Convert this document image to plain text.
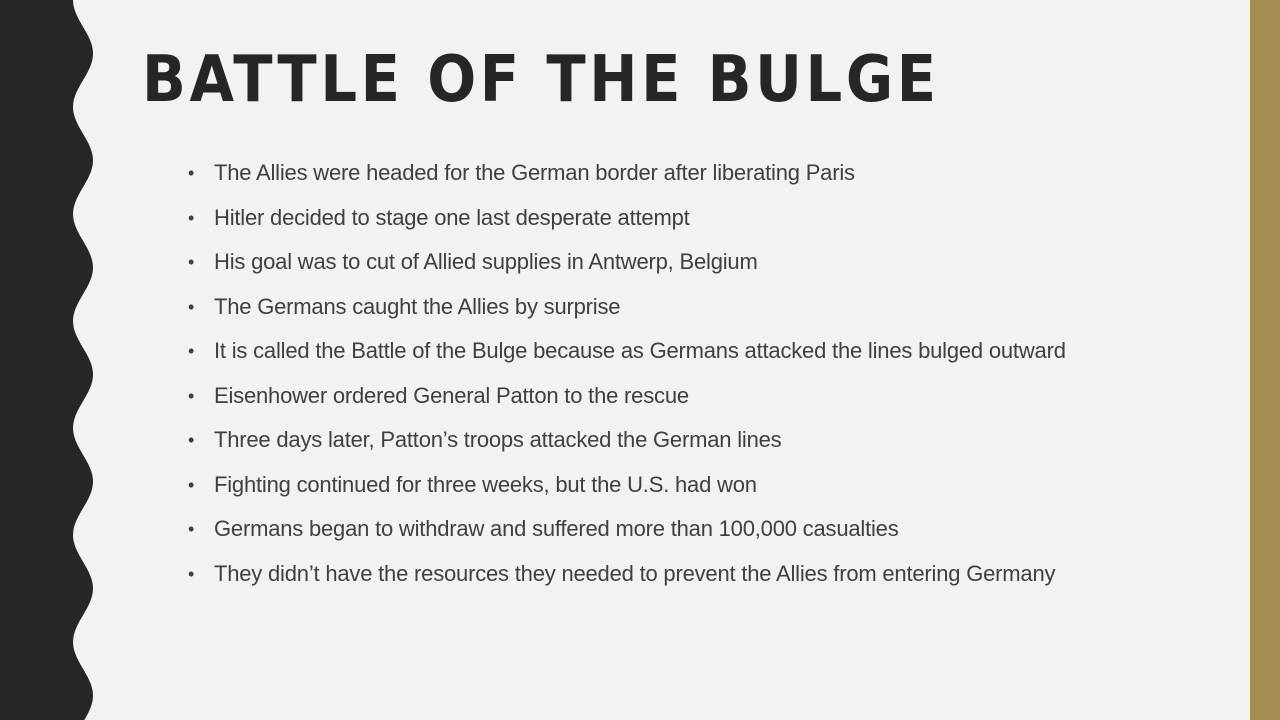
BATTLE OF THE BULGE
• The Allies were headed for the German border after liberating Paris
• Hitler decided to stage one last desperate attempt
• His goal was to cut of Allied supplies in Antwerp, Belgium
• The Germans caught the Allies by surprise
• It is called the Battle of the Bulge because as Germans attacked the lines bulged outward
• Eisenhower ordered General Patton to the rescue
• Three days later, Patton’s troops attacked the German lines
• Fighting continued for three weeks, but the U.S. had won
• Germans began to withdraw and suffered more than 100,000 casualties
• They didn’t have the resources they needed to prevent the Allies from entering Germany
